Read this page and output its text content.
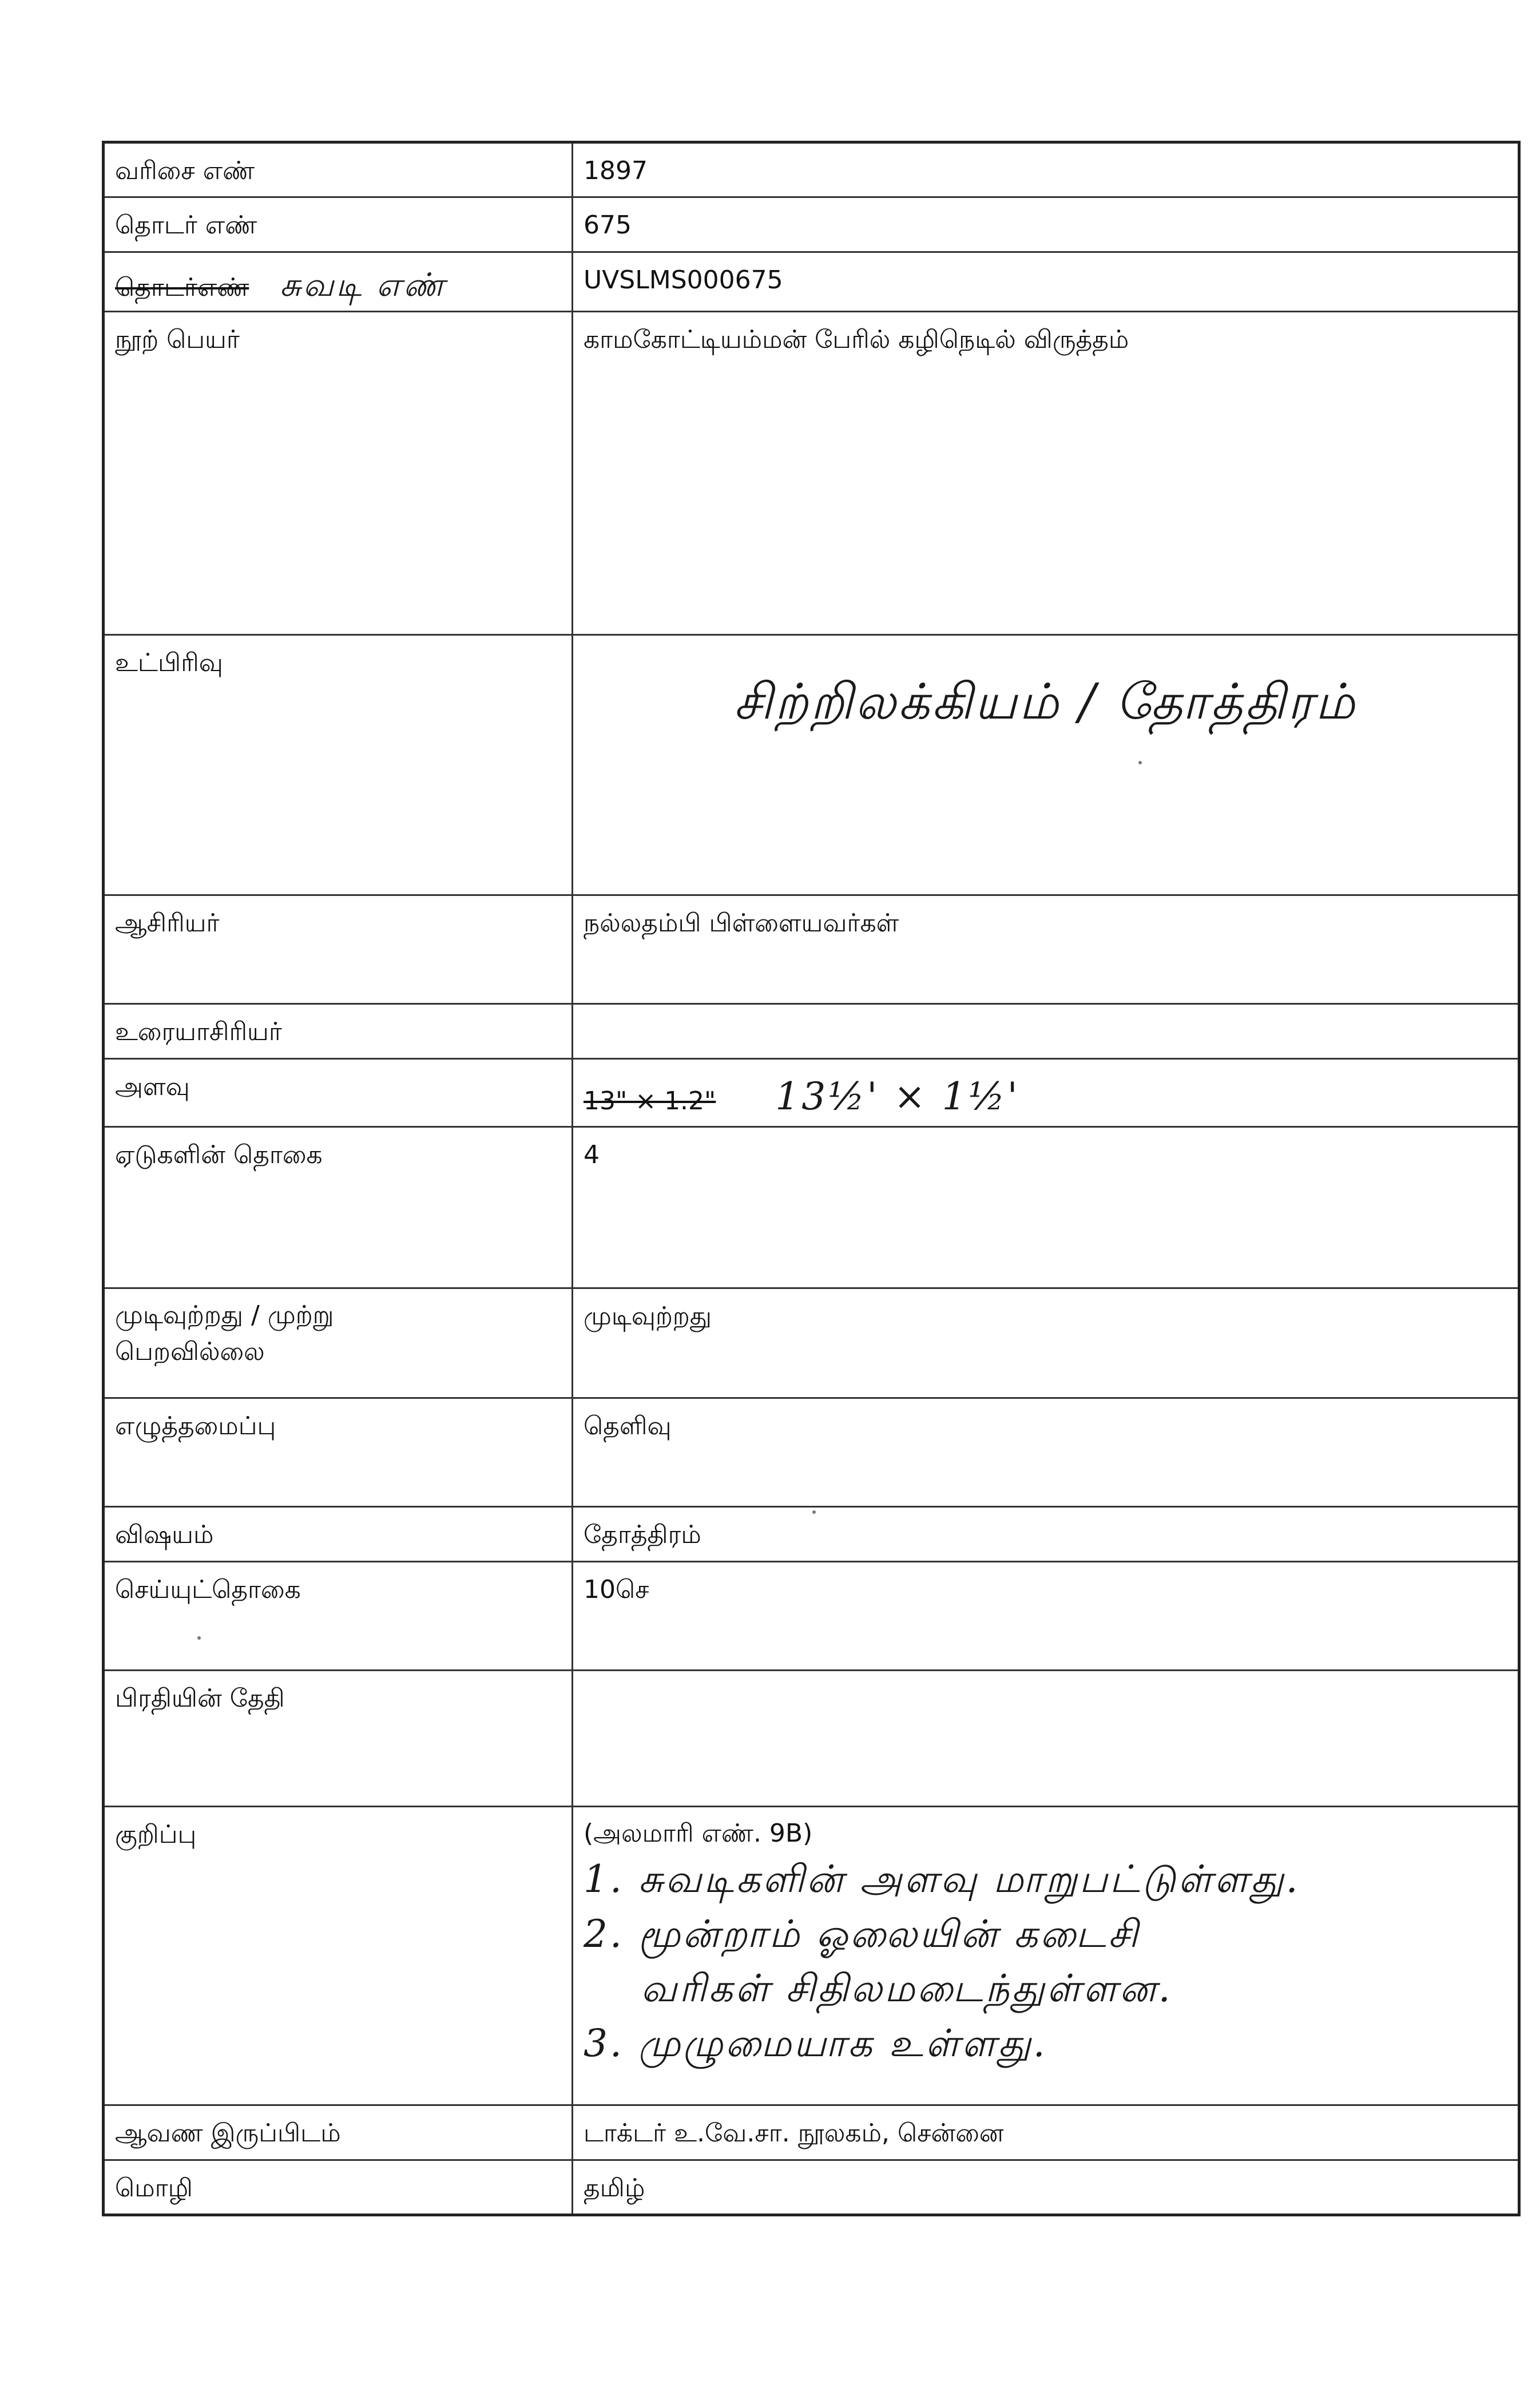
வரிசை எண்	1897
தொடர் எண்	675
தொடர்எண் சுவடி எண்	UVSLMS000675
நூற் பெயர்	காமகோட்டியம்மன் பேரில் கழிநெடில் விருத்தம்
உட்பிரிவு	சிற்றிலக்கியம் / தோத்திரம்

ஆசிரியர்	நல்லதம்பி பிள்ளையவர்கள்
உரையாசிரியர்	
அளவு	13" × 1.2" 13½' × 1½'
ஏடுகளின் தொகை	4

முடிவுற்றது / முற்று
பெறவில்லை	முடிவுற்றது
எழுத்தமைப்பு	தெளிவு
விஷயம்	தோத்திரம்
செய்யுட்தொகை	10செ
பிரதியின் தேதி	
குறிப்பு	(அலமாரி எண். 9B)
1. சுவடிகளின் அளவு மாறுபட்டுள்ளது.
2. மூன்றாம் ஓலையின் கடைசி
வரிகள் சிதிலமடைந்துள்ளன.
3. முழுமையாக உள்ளது.

ஆவண இருப்பிடம்	டாக்டர் உ.வே.சா. நூலகம், சென்னை
மொழி	தமிழ்
